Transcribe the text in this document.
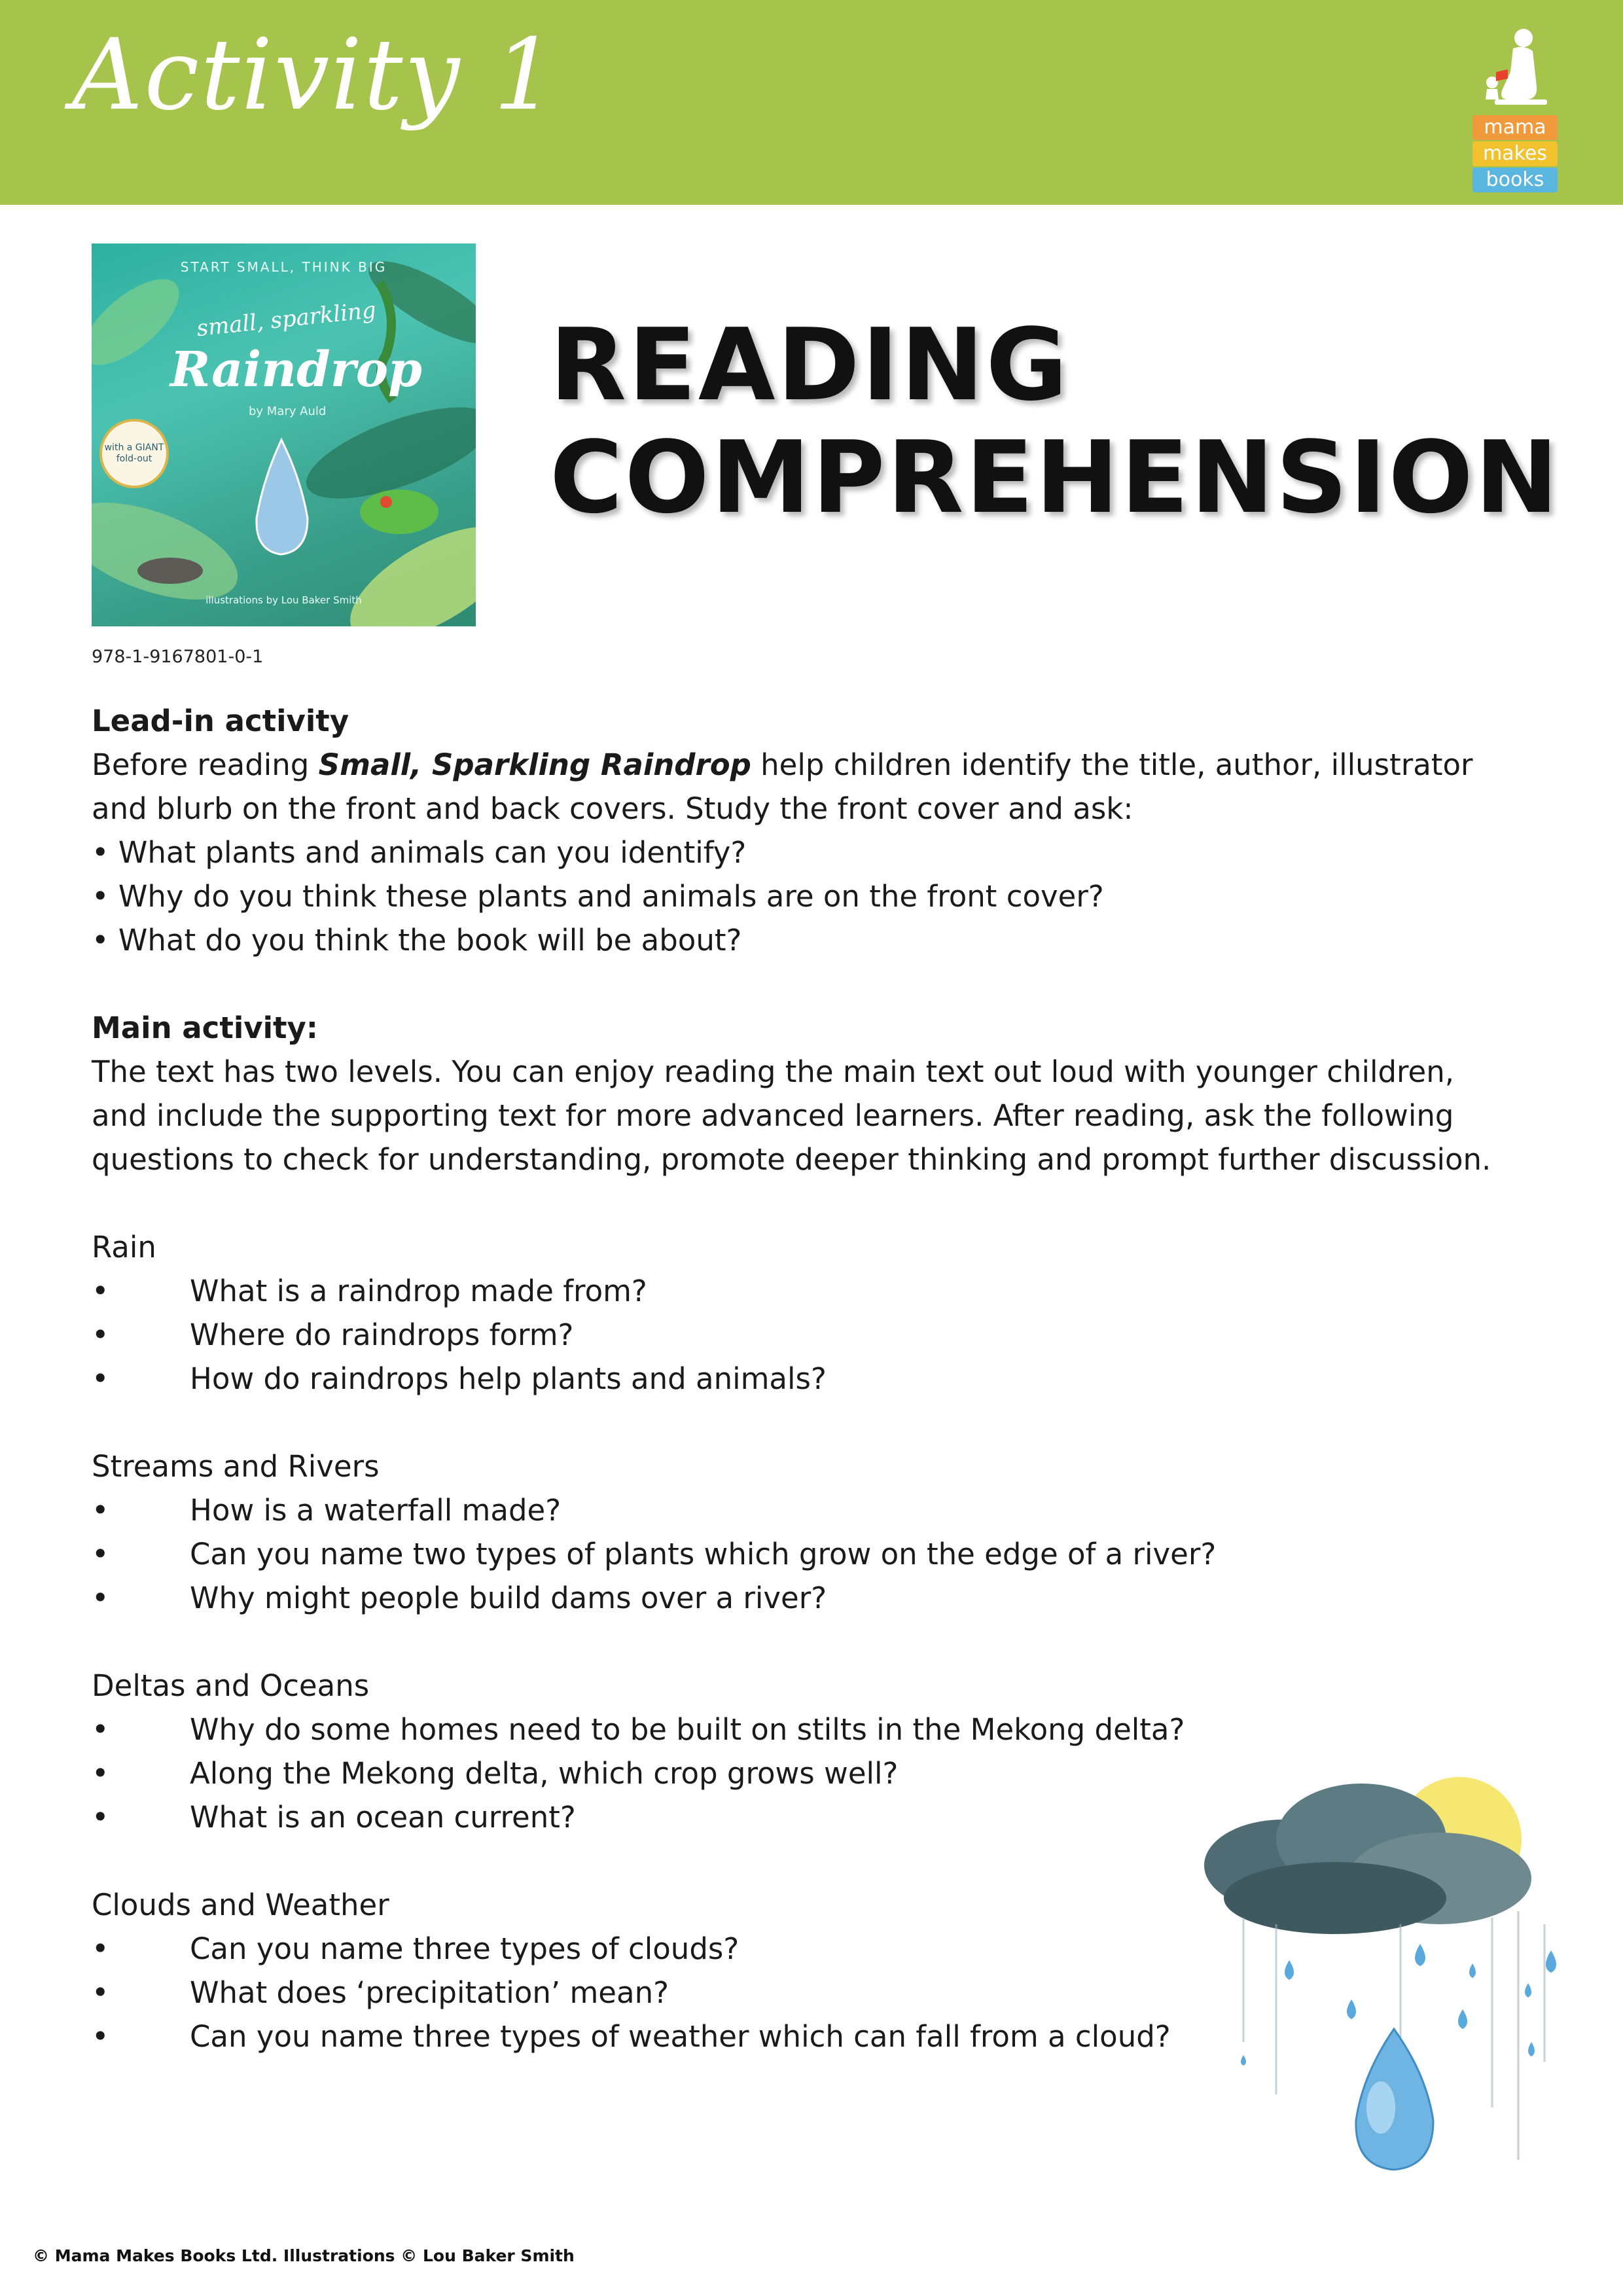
Activity 1	mama
makes
books
START SMALL, THINK BIG
small, sparkling
Raindrop
by Mary Auld
with a GIANT fold-out
illustrations by Lou Baker Smith
978-1-9167801-0-1
READING
COMPREHENSION
Lead-in activity
Before reading Small, Sparkling Raindrop help children identify the title, author, illustrator
and blurb on the front and back covers. Study the front cover and ask:
• What plants and animals can you identify?
• Why do you think these plants and animals are on the front cover?
• What do you think the book will be about?
Main activity:
The text has two levels. You can enjoy reading the main text out loud with younger children,
and include the supporting text for more advanced learners. After reading, ask the following
questions to check for understanding, promote deeper thinking and prompt further discussion.
Rain
•	What is a raindrop made from?
•	Where do raindrops form?
•	How do raindrops help plants and animals?
Streams and Rivers
•	How is a waterfall made?
•	Can you name two types of plants which grow on the edge of a river?
•	Why might people build dams over a river?
Deltas and Oceans
•	Why do some homes need to be built on stilts in the Mekong delta?
•	Along the Mekong delta, which crop grows well?
•	What is an ocean current?
Clouds and Weather
•	Can you name three types of clouds?
•	What does ‘precipitation’ mean?
•	Can you name three types of weather which can fall from a cloud?
© Mama Makes Books Ltd. Illustrations © Lou Baker Smith
